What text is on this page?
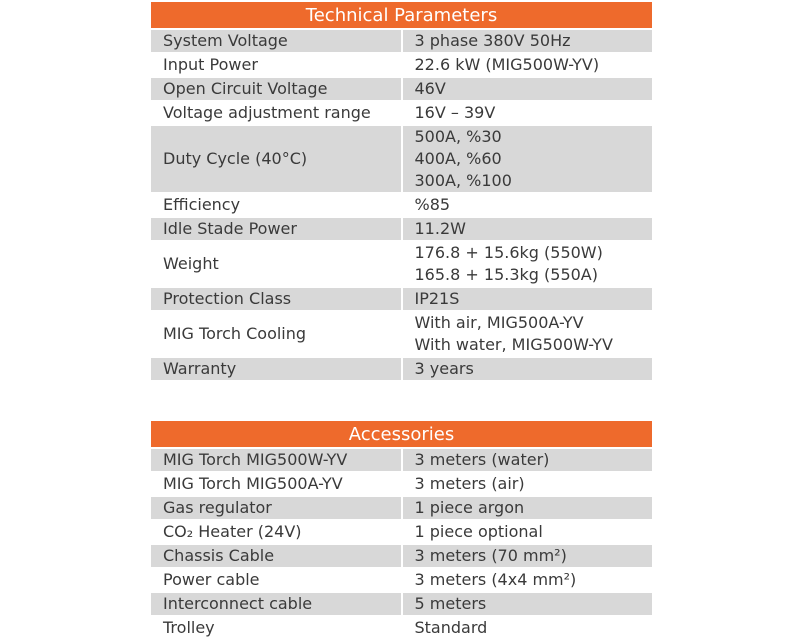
Technical Parameters	
System Voltage	3 phase 380V 50Hz

Input Power	22.6 kW (MIG500W-YV)

Open Circuit Voltage	46V

Voltage adjustment range	16V – 39V

Duty Cycle (40°C)	500A, %30
400A, %60
300A, %100

Efficiency	%85

Idle Stade Power	11.2W

Weight	176.8 + 15.6kg (550W)
165.8 + 15.3kg (550A)

Protection Class	IP21S

MIG Torch Cooling	With air, MIG500A-YV
With water, MIG500W-YV

Warranty	3 years
Accessories	
MIG Torch MIG500W-YV	3 meters (water)

MIG Torch MIG500A-YV	3 meters (air)

Gas regulator	1 piece argon

CO₂ Heater (24V)	1 piece optional

Chassis Cable	3 meters (70 mm²)

Power cable	3 meters (4x4 mm²)

Interconnect cable	5 meters

Trolley	Standard
